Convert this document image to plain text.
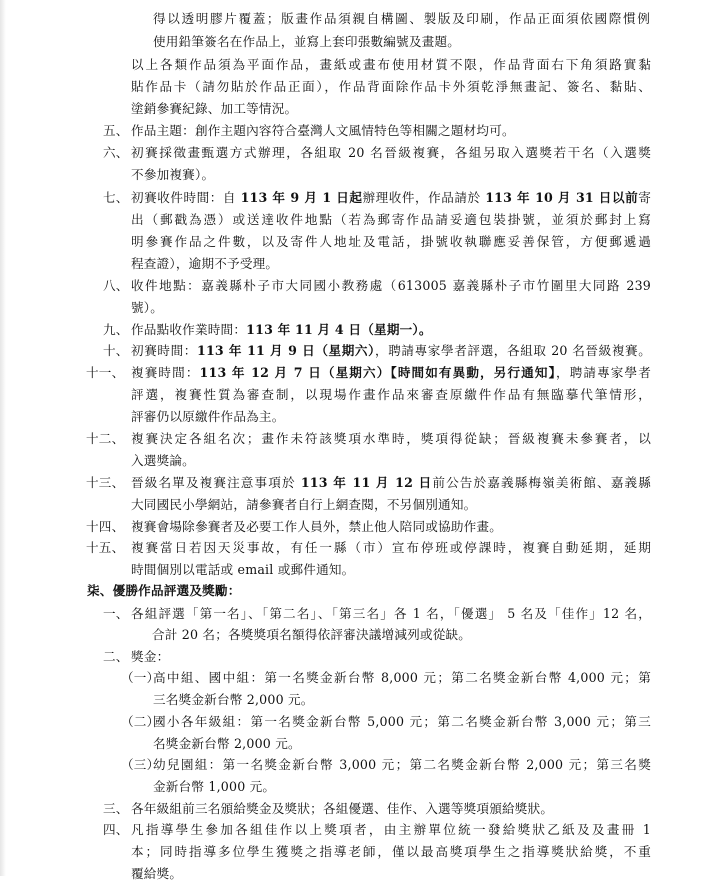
得以透明膠片覆蓋；版畫作品須親自構圖、製版及印刷，作品正面須依國際慣例
使用鉛筆簽名在作品上，並寫上套印張數編號及畫題。
以上各類作品須為平面作品，畫紙或畫布使用材質不限，作品背面右下角須路實黏
貼作品卡（請勿貼於作品正面），作品背面除作品卡外須乾淨無畫記、簽名、黏貼、
塗銷參賽紀錄、加工等情況。
五、 作品主題：創作主題內容符合臺灣人文風情特色等相關之題材均可。
六、 初賽採徵畫甄選方式辦理，各組取 20 名晉級複賽，各組另取入選獎若干名（入選獎
不參加複賽）。
七、 初賽收件時間：自 113 年 9 月 1 日起辦理收件，作品請於 113 年 10 月 31 日以前寄
出（郵戳為憑）或送達收件地點（若為郵寄作品請妥適包裝掛號，並須於郵封上寫
明參賽作品之件數，以及寄件人地址及電話，掛號收執聯應妥善保管，方便郵遞過
程查證），逾期不予受理。
八、 收件地點：嘉義縣朴子市大同國小教務處（613005 嘉義縣朴子市竹圍里大同路 239
號）。
九、 作品點收作業時間：113 年 11 月 4 日（星期一）。
十、 初賽時間：113 年 11 月 9 日（星期六），聘請專家學者評選，各組取 20 名晉級複賽。
十一、 複賽時間：113 年 12 月 7 日（星期六）【時間如有異動，另行通知】，聘請專家學者
評選，複賽性質為審查制，以現場作畫作品來審查原繳件作品有無臨摹代筆情形，
評審仍以原繳件作品為主。
十二、 複賽決定各組名次；畫作未符該獎項水準時，獎項得從缺；晉級複賽未參賽者，以
入選獎論。
十三、 晉級名單及複賽注意事項於 113 年 11 月 12 日前公告於嘉義縣梅嶺美術館、嘉義縣
大同國民小學網站，請參賽者自行上網查閱，不另個別通知。
十四、 複賽會場除參賽者及必要工作人員外，禁止他人陪同或協助作畫。
十五、 複賽當日若因天災事故，有任一縣（市）宣布停班或停課時，複賽自動延期，延期
時間個別以電話或 email 或郵件通知。
柒、優勝作品評選及獎勵：
一、 各組評選「第一名」、「第二名」、「第三名」各 1 名，「優選」 5 名及「佳作」12 名，
合計 20 名；各獎獎項名額得依評審決議增減列或從缺。
二、 獎金：
（一）
高中組、國中組：第一名獎金新台幣 8,000 元；第二名獎金新台幣 4,000 元；第
三名獎金新台幣 2,000 元。
（二）
國小各年級組：第一名獎金新台幣 5,000 元；第二名獎金新台幣 3,000 元；第三
名獎金新台幣 2,000 元。
（三）
幼兒園組：第一名獎金新台幣 3,000 元；第二名獎金新台幣 2,000 元；第三名獎
金新台幣 1,000 元。
三、 各年級組前三名頒給獎金及獎狀；各組優選、佳作、入選等獎項頒給獎狀。
四、 凡指導學生參加各組佳作以上獎項者，由主辦單位統一發給獎狀乙紙及及畫冊 1
本；同時指導多位學生獲獎之指導老師，僅以最高獎項學生之指導獎狀給獎，不重
覆給獎。
